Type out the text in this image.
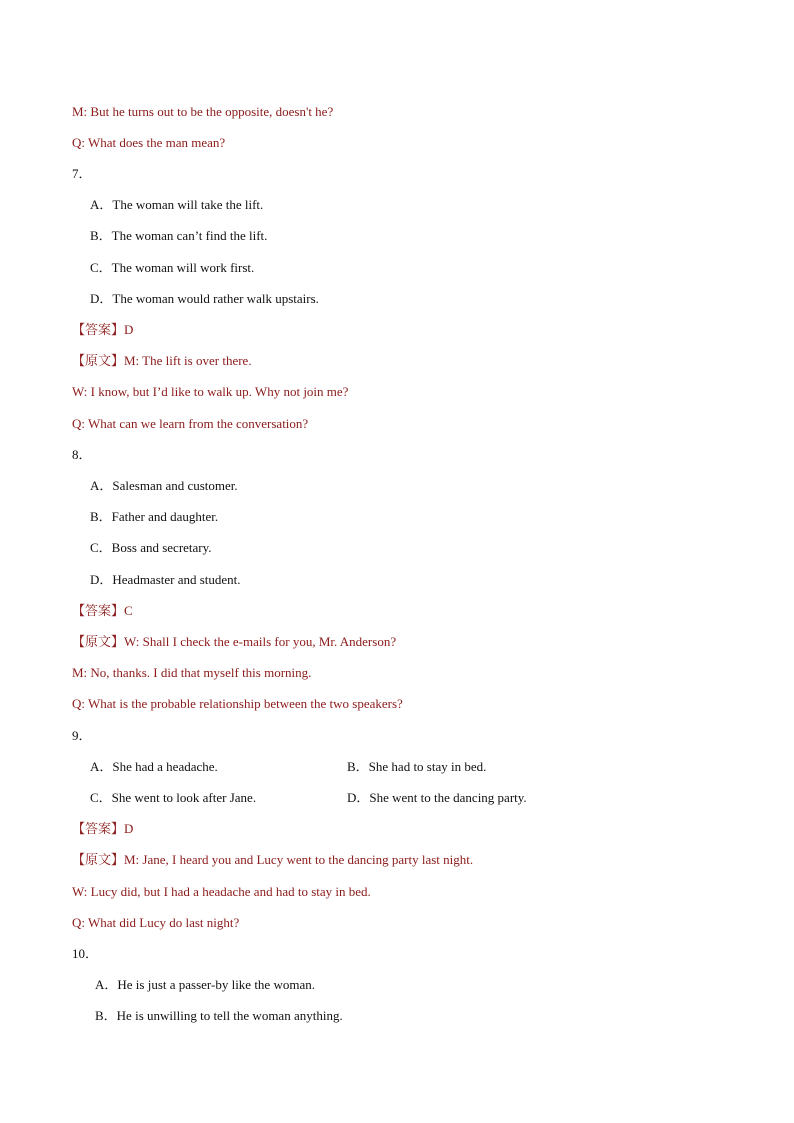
M: But he turns out to be the opposite, doesn't he?
Q: What does the man mean?
7．
A．The woman will take the lift.
B．The woman can’t find the lift.
C．The woman will work first.
D．The woman would rather walk upstairs.
【答案】D
【原文】M: The lift is over there.
W: I know, but I’d like to walk up. Why not join me?
Q: What can we learn from the conversation?
8．
A．Salesman and customer.
B．Father and daughter.
C．Boss and secretary.
D．Headmaster and student.
【答案】C
【原文】W: Shall I check the e-mails for you, Mr. Anderson?
M: No, thanks. I did that myself this morning.
Q: What is the probable relationship between the two speakers?
9．
A．She had a headache.	B．She had to stay in bed.
C．She went to look after Jane.	D．She went to the dancing party.
【答案】D
【原文】M: Jane, I heard you and Lucy went to the dancing party last night.
W: Lucy did, but I had a headache and had to stay in bed.
Q: What did Lucy do last night?
10．
A．He is just a passer-by like the woman.
B．He is unwilling to tell the woman anything.
